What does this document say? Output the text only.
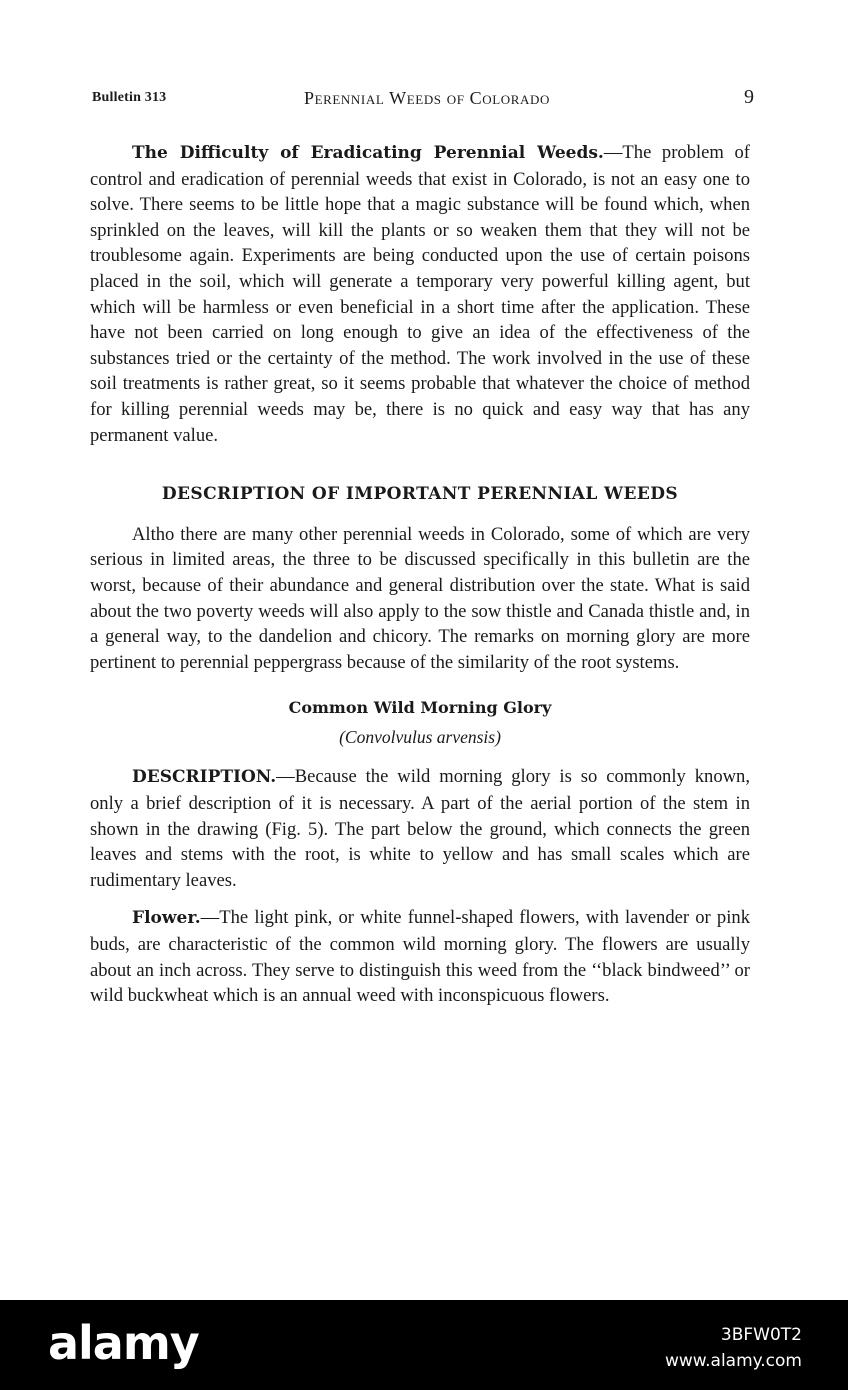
Bulletin 313	Perennial Weeds of Colorado	9

The Difficulty of Eradicating Perennial Weeds.—The problem of control and eradication of perennial weeds that exist in Colorado, is not an easy one to solve. There seems to be little hope that a magic substance will be found which, when sprinkled on the leaves, will kill the plants or so weaken them that they will not be troublesome again. Experiments are being conducted upon the use of certain poisons placed in the soil, which will generate a temporary very powerful killing agent, but which will be harmless or even beneficial in a short time after the application. These have not been carried on long enough to give an idea of the effectiveness of the substances tried or the certainty of the method. The work involved in the use of these soil treatments is rather great, so it seems probable that whatever the choice of method for killing perennial weeds may be, there is no quick and easy way that has any permanent value.

DESCRIPTION OF IMPORTANT PERENNIAL WEEDS

Altho there are many other perennial weeds in Colorado, some of which are very serious in limited areas, the three to be discussed specifically in this bulletin are the worst, because of their abundance and general distribution over the state. What is said about the two poverty weeds will also apply to the sow thistle and Canada thistle and, in a general way, to the dandelion and chicory. The remarks on morning glory are more pertinent to perennial peppergrass because of the similarity of the root systems.

Common Wild Morning Glory
(Convolvulus arvensis)

DESCRIPTION.—Because the wild morning glory is so commonly known, only a brief description of it is necessary. A part of the aerial portion of the stem in shown in the drawing (Fig. 5). The part below the ground, which connects the green leaves and stems with the root, is white to yellow and has small scales which are rudimentary leaves.

Flower.—The light pink, or white funnel-shaped flowers, with lavender or pink buds, are characteristic of the common wild morning glory. The flowers are usually about an inch across. They serve to distinguish this weed from the ‘‘black bindweed’’ or wild buckwheat which is an annual weed with inconspicuous flowers.

alamy	3BFW0T2
www.alamy.com
